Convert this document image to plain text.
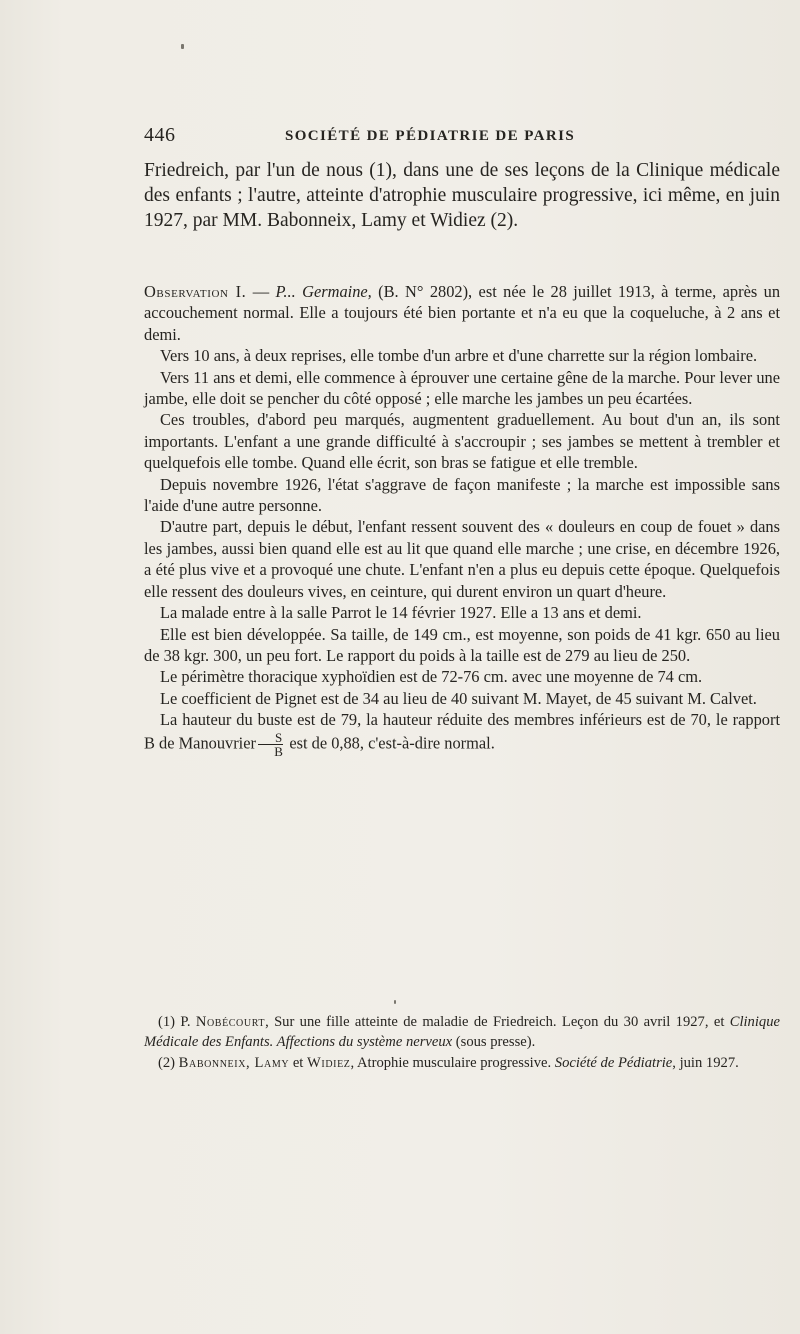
446	SOCIÉTÉ DE PÉDIATRIE DE PARIS

Friedreich, par l'un de nous (1), dans une de ses leçons de la Clinique médicale des enfants ; l'autre, atteinte d'atrophie musculaire progressive, ici même, en juin 1927, par MM. Babonneix, Lamy et Widiez (2).

Observation I. — P... Germaine, (B. N° 2802), est née le 28 juillet 1913, à terme, après un accouchement normal. Elle a toujours été bien portante et n'a eu que la coqueluche, à 2 ans et demi.

Vers 10 ans, à deux reprises, elle tombe d'un arbre et d'une charrette sur la région lombaire.

Vers 11 ans et demi, elle commence à éprouver une certaine gêne de la marche. Pour lever une jambe, elle doit se pencher du côté opposé ; elle marche les jambes un peu écartées.

Ces troubles, d'abord peu marqués, augmentent graduellement. Au bout d'un an, ils sont importants. L'enfant a une grande difficulté à s'accroupir ; ses jambes se mettent à trembler et quelquefois elle tombe. Quand elle écrit, son bras se fatigue et elle tremble.

Depuis novembre 1926, l'état s'aggrave de façon manifeste ; la marche est impossible sans l'aide d'une autre personne.

D'autre part, depuis le début, l'enfant ressent souvent des « douleurs en coup de fouet » dans les jambes, aussi bien quand elle est au lit que quand elle marche ; une crise, en décembre 1926, a été plus vive et a provoqué une chute. L'enfant n'en a plus eu depuis cette époque. Quelquefois elle ressent des douleurs vives, en ceinture, qui durent environ un quart d'heure.

La malade entre à la salle Parrot le 14 février 1927. Elle a 13 ans et demi.

Elle est bien développée. Sa taille, de 149 cm., est moyenne, son poids de 41 kgr. 650 au lieu de 38 kgr. 300, un peu fort. Le rapport du poids à la taille est de 279 au lieu de 250.

Le périmètre thoracique xyphoïdien est de 72-76 cm. avec une moyenne de 74 cm.

Le coefficient de Pignet est de 34 au lieu de 40 suivant M. Mayet, de 45 suivant M. Calvet.

La hauteur du buste est de 79, la hauteur réduite des membres inférieurs est de 70, le rapport B de Manouvrier $\frac{S}{B}$ est de 0,88, c'est-à-dire normal.

(1) P. Nobécourt, Sur une fille atteinte de maladie de Friedreich. Leçon du 30 avril 1927, et Clinique Médicale des Enfants. Affections du système nerveux (sous presse).

(2) Babonneix, Lamy et Widiez, Atrophie musculaire progressive. Société de Pédiatrie, juin 1927.
